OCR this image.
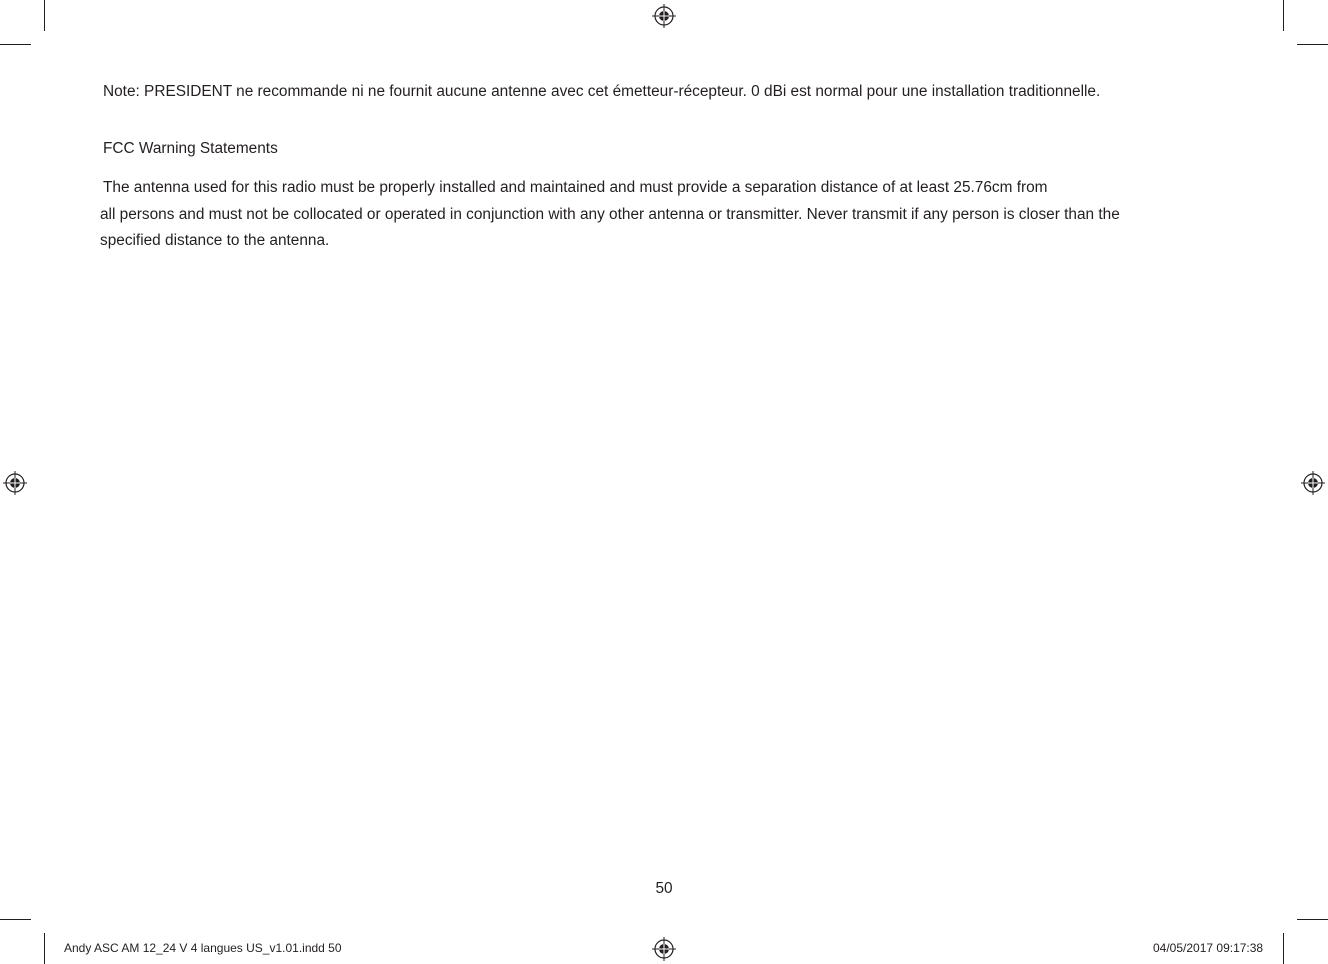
Note: PRESIDENT ne recommande ni ne fournit aucune antenne avec cet émetteur-récepteur. 0 dBi est normal pour une installation traditionnelle.
FCC Warning Statements
The antenna used for this radio must be properly installed and maintained and must provide a separation distance of at least 25.76cm from
all persons and must not be collocated or operated in conjunction with any other antenna or transmitter. Never transmit if any person is closer than the
specified distance to the antenna.
50
Andy ASC AM 12_24 V 4 langues US_v1.01.indd 50	04/05/2017 09:17:38
